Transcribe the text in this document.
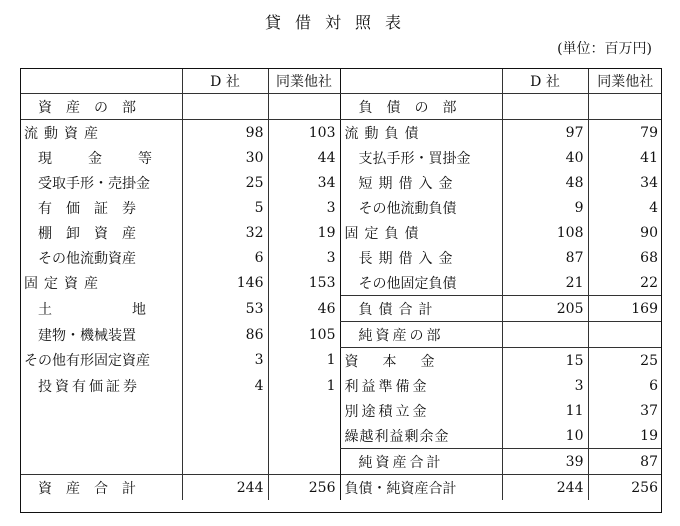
貸借対照表
(単位：百万円)
	D 社	同業他社		D 社	同業他社
資産の部			負債の部		
流動資産	98	103	流動負債	97	79
現金等	30	44	支払手形・買掛金	40	41
受取手形・売掛金	25	34	短期借入金	48	34
有価証券	5	3	その他流動負債	9	4
棚卸資産	32	19	固定負債	108	90
その他流動資産	6	3	長期借入金	87	68
固定資産	146	153	その他固定負債	21	22
土地	53	46	負債合計	205	169
建物・機械装置	86	105	純資産の部		
その他有形固定資産	3	1	資本金	15	25
投資有価証券	4	1	利益準備金	3	6
			別途積立金	11	37
			繰越利益剰余金	10	19
			純資産合計	39	87
資産合計	244	256	負債・純資産合計	244	256
